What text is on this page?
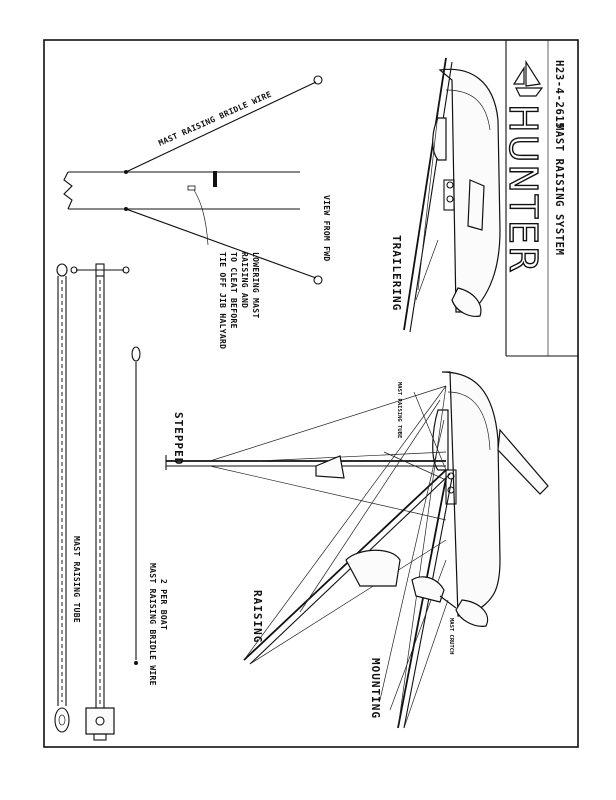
MAST RAISING BRIDLE WIRE
VIEW FROM FWD
TIE OFF JIB HALYARD TO CLEAT BEFORE RAISING AND LOWERING MAST
MAST RAISING TUBE	MAST RAISING BRIDLE WIRE 2 PER BOAT
TRAILERING
STEPPED
RAISING
MOUNTING
MAST RAISING TUBE
MAST CRUTCH
HUNTER MAST RAISING SYSTEM
H23-4-2615
